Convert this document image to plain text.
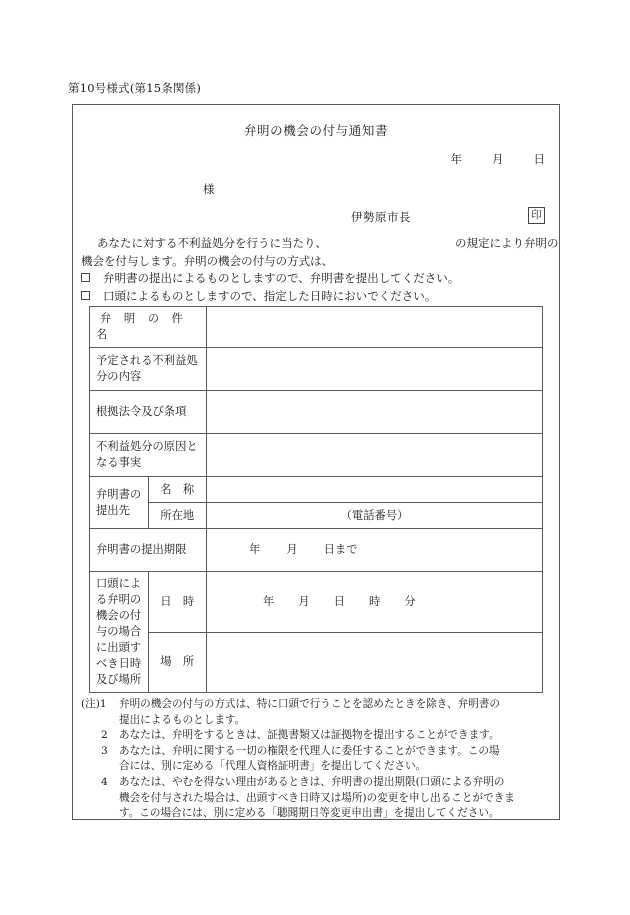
第10号様式(第15条関係)
弁明の機会の付与通知書
年	月	日
様
伊勢原市長	印
あなたに対する不利益処分を行うに当たり、	の規定により弁明の
機会を付与します。弁明の機会の付与の方式は、
弁明書の提出によるものとしますので、弁明書を提出してください。
口頭によるものとしますので、指定した日時においでください。
弁 明 の 件 名		
予定される不利益処分の内容		
根拠法令及び条項		
不利益処分の原因となる事実		
弁明書の提出先	名　称	
	所在地	（電話番号）

弁明書の提出期限		年 月 日まで
口頭による弁明の機会の付与の場合に出頭すべき日時及び場所	日　時	年 月 日 時 分
	場　所	
(注)1	弁明の機会の付与の方式は、特に口頭で行うことを認めたときを除き、弁明書の
提出によるものとします。
2	あなたは、弁明をするときは、証拠書類又は証拠物を提出することができます。
3	あなたは、弁明に関する一切の権限を代理人に委任することができます。この場
合には、別に定める「代理人資格証明書」を提出してください。
4	あなたは、やむを得ない理由があるときは、弁明書の提出期限(口頭による弁明の
機会を付与された場合は、出頭すべき日時又は場所)の変更を申し出ることができま
す。この場合には、別に定める「聴聞期日等変更申出書」を提出してください。
